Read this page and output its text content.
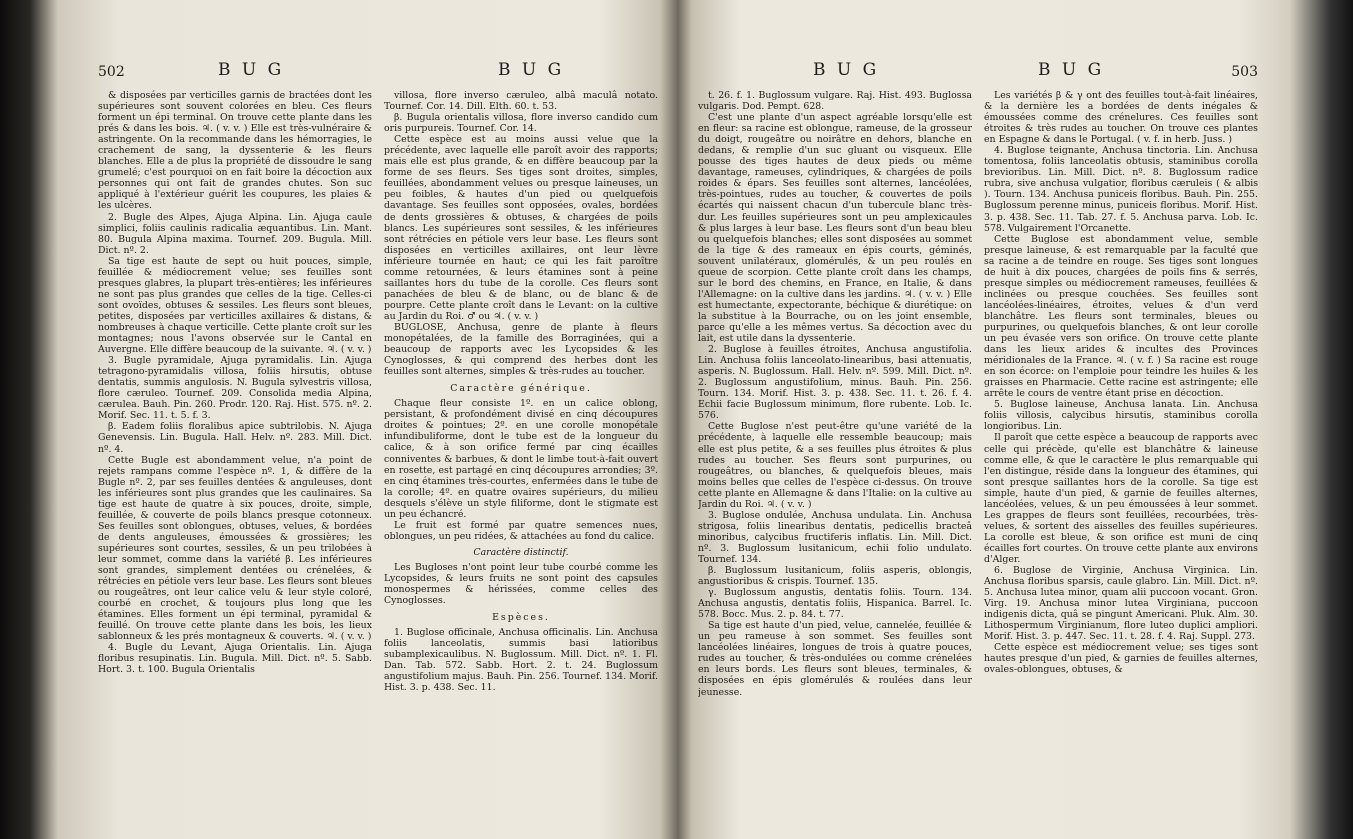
502	B U G	B U G

& disposées par verticilles garnis de bractées dont les supérieures sont souvent colorées en bleu. Ces fleurs forment un épi terminal. On trouve cette plante dans les prés & dans les bois. ♃. ( v. v. ) Elle est très-vulnéraire & astringente. On la recommande dans les hémorragies, le crachement de sang, la dyssenterie & les fleurs blanches. Elle a de plus la propriété de dissoudre le sang grumelé; c'est pourquoi on en fait boire la décoction aux personnes qui ont fait de grandes chutes. Son suc appliqué à l'extérieur guérit les coupures, les plaies & les ulcères.

2. Bugle des Alpes, Ajuga Alpina. Lin. Ajuga caule simplici, foliis caulinis radicalia æquantibus. Lin. Mant. 80. Bugula Alpina maxima. Tournef. 209. Bugula. Mill. Dict. nº. 2.

Sa tige est haute de sept ou huit pouces, simple, feuillée & médiocrement velue; ses feuilles sont presques glabres, la plupart très-entières; les inférieures ne sont pas plus grandes que celles de la tige. Celles-ci sont ovoïdes, obtuses & sessiles. Les fleurs sont bleues, petites, disposées par verticilles axillaires & distans, & nombreuses à chaque verticille. Cette plante croît sur les montagnes; nous l'avons observée sur le Cantal en Auvergne. Elle diffère beaucoup de la suivante. ♃. ( v. v. )

3. Bugle pyramidale, Ajuga pyramidalis. Lin. Ajuga tetragono-pyramidalis villosa, foliis hirsutis, obtuse dentatis, summis angulosis. N. Bugula sylvestris villosa, flore cæruleo. Tournef. 209. Consolida media Alpina, cærulea. Bauh. Pin. 260. Prodr. 120. Raj. Hist. 575. nº. 2. Morif. Sec. 11. t. 5. f. 3.

β. Eadem foliis floralibus apice subtrilobis. N. Ajuga Genevensis. Lin. Bugula. Hall. Helv. nº. 283. Mill. Dict. nº. 4.

Cette Bugle est abondamment velue, n'a point de rejets rampans comme l'espèce nº. 1, & diffère de la Bugle nº. 2, par ses feuilles dentées & anguleuses, dont les inférieures sont plus grandes que les caulinaires. Sa tige est haute de quatre à six pouces, droite, simple, feuillée, & couverte de poils blancs presque cotonneux. Ses feuilles sont oblongues, obtuses, velues, & bordées de dents anguleuses, émoussées & grossières; les supérieures sont courtes, sessiles, & un peu trilobées à leur sommet, comme dans la variété β. Les inférieures sont grandes, simplement dentées ou crénelées, & rétrécies en pétiole vers leur base. Les fleurs sont bleues ou rougeâtres, ont leur calice velu & leur style coloré, courbé en crochet, & toujours plus long que les étamines. Elles forment un épi terminal, pyramidal & feuillé. On trouve cette plante dans les bois, les lieux sablonneux & les prés montagneux & couverts. ♃. ( v. v. )

4. Bugle du Levant, Ajuga Orientalis. Lin. Ajuga floribus resupinatis. Lin. Bugula. Mill. Dict. nº. 5. Sabb. Hort. 3. t. 100. Bugula Orientalis

villosa, flore inverso cæruleo, albâ maculâ notato. Tournef. Cor. 14. Dill. Elth. 60. t. 53.

β. Bugula orientalis villosa, flore inverso candido cum oris purpureis. Tournef. Cor. 14.

Cette espèce est au moins aussi velue que la précédente, avec laquelle elle paroît avoir des rapports; mais elle est plus grande, & en diffère beaucoup par la forme de ses fleurs. Ses tiges sont droites, simples, feuillées, abondamment velues ou presque laineuses, un peu foibles, & hautes d'un pied ou quelquefois davantage. Ses feuilles sont opposées, ovales, bordées de dents grossières & obtuses, & chargées de poils blancs. Les supérieures sont sessiles, & les inférieures sont rétrécies en pétiole vers leur base. Les fleurs sont disposées en verticilles axillaires, ont leur lèvre inférieure tournée en haut; ce qui les fait paroître comme retournées, & leurs étamines sont à peine saillantes hors du tube de la corolle. Ces fleurs sont panachées de bleu & de blanc, ou de blanc & de pourpre. Cette plante croît dans le Levant: on la cultive au Jardin du Roi. ♂ ou ♃. ( v. v. )

BUGLOSE, Anchusa, genre de plante à fleurs monopétalées, de la famille des Borraginées, qui a beaucoup de rapports avec les Lycopsides & les Cynoglosses, & qui comprend des herbes dont les feuilles sont alternes, simples & très-rudes au toucher.

Caractère générique.

Chaque fleur consiste 1º. en un calice oblong, persistant, & profondément divisé en cinq découpures droites & pointues; 2º. en une corolle monopétale infundibuliforme, dont le tube est de la longueur du calice, & à son orifice fermé par cinq écailles conniventes & barbues, & dont le limbe tout-à-fait ouvert en rosette, est partagé en cinq découpures arrondies; 3º. en cinq étamines très-courtes, enfermées dans le tube de la corolle; 4º. en quatre ovaires supérieurs, du milieu desquels s'élève un style filiforme, dont le stigmate est un peu échancré.

Le fruit est formé par quatre semences nues, oblongues, un peu ridées, & attachées au fond du calice.

Caractère distinctif.

Les Bugloses n'ont point leur tube courbé comme les Lycopsides, & leurs fruits ne sont point des capsules monospermes & hérissées, comme celles des Cynoglosses.

Espèces.

1. Buglose officinale, Anchusa officinalis. Lin. Anchusa foliis lanceolatis, summis basi latioribus subamplexicaulibus. N. Buglossum. Mill. Dict. nº. 1. Fl. Dan. Tab. 572. Sabb. Hort. 2. t. 24. Buglossum angustifolium majus. Bauh. Pin. 256. Tournef. 134. Morif. Hist. 3. p. 438. Sec. 11.

B U G	B U G	503

t. 26. f. 1. Buglossum vulgare. Raj. Hist. 493. Buglossa vulgaris. Dod. Pempt. 628.

C'est une plante d'un aspect agréable lorsqu'elle est en fleur: sa racine est oblongue, rameuse, de la grosseur du doigt, rougeâtre ou noirâtre en dehors, blanche en dedans, & remplie d'un suc gluant ou visqueux. Elle pousse des tiges hautes de deux pieds ou même davantage, rameuses, cylindriques, & chargées de poils roides & épars. Ses feuilles sont alternes, lancéolées, très-pointues, rudes au toucher, & couvertes de poils écartés qui naissent chacun d'un tubercule blanc très-dur. Les feuilles supérieures sont un peu amplexicaules & plus larges à leur base. Les fleurs sont d'un beau bleu ou quelquefois blanches; elles sont disposées au sommet de la tige & des rameaux en épis courts, géminés, souvent unilatéraux, glomérulés, & un peu roulés en queue de scorpion. Cette plante croît dans les champs, sur le bord des chemins, en France, en Italie, & dans l'Allemagne: on la cultive dans les jardins. ♃. ( v. v. ) Elle est humectante, expectorante, béchique & diurétique: on la substitue à la Bourrache, ou on les joint ensemble, parce qu'elle a les mêmes vertus. Sa décoction avec du lait, est utile dans la dyssenterie.

2. Buglose à feuilles étroites, Anchusa angustifolia. Lin. Anchusa foliis lanceolato-linearibus, basi attenuatis, asperis. N. Buglossum. Hall. Helv. nº. 599. Mill. Dict. nº. 2. Buglossum angustifolium, minus. Bauh. Pin. 256. Tourn. 134. Morif. Hist. 3. p. 438. Sec. 11. t. 26. f. 4. Echii facie Buglossum minimum, flore rubente. Lob. Ic. 576.

Cette Buglose n'est peut-être qu'une variété de la précédente, à laquelle elle ressemble beaucoup; mais elle est plus petite, & a ses feuilles plus étroites & plus rudes au toucher. Ses fleurs sont purpurines, ou rougeâtres, ou blanches, & quelquefois bleues, mais moins belles que celles de l'espèce ci-dessus. On trouve cette plante en Allemagne & dans l'Italie: on la cultive au Jardin du Roi. ♃. ( v. v. )

3. Buglose ondulée, Anchusa undulata. Lin. Anchusa strigosa, foliis linearibus dentatis, pedicellis bracteâ minoribus, calycibus fructiferis inflatis. Lin. Mill. Dict. nº. 3. Buglossum lusitanicum, echii folio undulato. Tournef. 134.

β. Buglossum lusitanicum, foliis asperis, oblongis, angustioribus & crispis. Tournef. 135.

γ. Buglossum angustis, dentatis foliis. Tourn. 134. Anchusa angustis, dentatis foliis, Hispanica. Barrel. Ic. 578. Bocc. Mus. 2. p. 84. t. 77.

Sa tige est haute d'un pied, velue, cannelée, feuillée & un peu rameuse à son sommet. Ses feuilles sont lancéolées linéaires, longues de trois à quatre pouces, rudes au toucher, & très-ondulées ou comme crénelées en leurs bords. Les fleurs sont bleues, terminales, & disposées en épis glomérulés & roulées dans leur jeunesse.

Les variétés β & γ ont des feuilles tout-à-fait linéaires, & la dernière les a bordées de dents inégales & émoussées comme des crénelures. Ces feuilles sont étroites & très rudes au toucher. On trouve ces plantes en Espagne & dans le Portugal. ( v. f. in herb. Juss. )

4. Buglose teignante, Anchusa tinctoria. Lin. Anchusa tomentosa, foliis lanceolatis obtusis, staminibus corolla brevioribus. Lin. Mill. Dict. nº. 8. Buglossum radice rubra, sive anchusa vulgatior, floribus cæruleis ( & albis ). Tourn. 134. Anchusa puniceis floribus. Bauh. Pin. 255. Buglossum perenne minus, puniceis floribus. Morif. Hist. 3. p. 438. Sec. 11. Tab. 27. f. 5. Anchusa parva. Lob. Ic. 578. Vulgairement l'Orcanette.

Cette Buglose est abondamment velue, semble presque laineuse, & est remarquable par la faculté que sa racine a de teindre en rouge. Ses tiges sont longues de huit à dix pouces, chargées de poils fins & serrés, presque simples ou médiocrement rameuses, feuillées & inclinées ou presque couchées. Ses feuilles sont lancéolées-linéaires, étroites, velues & d'un verd blanchâtre. Les fleurs sont terminales, bleues ou purpurines, ou quelquefois blanches, & ont leur corolle un peu évasée vers son orifice. On trouve cette plante dans les lieux arides & incultes des Provinces méridionales de la France. ♃. ( v. f. ) Sa racine est rouge en son écorce: on l'emploie pour teindre les huiles & les graisses en Pharmacie. Cette racine est astringente; elle arrête le cours de ventre étant prise en décoction.

5. Buglose laineuse, Anchusa lanata. Lin. Anchusa foliis villosis, calycibus hirsutis, staminibus corolla longioribus. Lin.

Il paroît que cette espèce a beaucoup de rapports avec celle qui précède, qu'elle est blanchâtre & laineuse comme elle, & que le caractère le plus remarquable qui l'en distingue, réside dans la longueur des étamines, qui sont presque saillantes hors de la corolle. Sa tige est simple, haute d'un pied, & garnie de feuilles alternes, lancéolées, velues, & un peu émoussées à leur sommet. Les grappes de fleurs sont feuillées, recourbées, très-velues, & sortent des aisselles des feuilles supérieures. La corolle est bleue, & son orifice est muni de cinq écailles fort courtes. On trouve cette plante aux environs d'Alger.

6. Buglose de Virginie, Anchusa Virginica. Lin. Anchusa floribus sparsis, caule glabro. Lin. Mill. Dict. nº. 5. Anchusa lutea minor, quam alii puccoon vocant. Gron. Virg. 19. Anchusa minor lutea Virginiana, puccoon indigenis dicta, quâ se pingunt Americani. Pluk. Alm. 30. Lithospermum Virginianum, flore luteo duplici ampliori. Morif. Hist. 3. p. 447. Sec. 11. t. 28. f. 4. Raj. Suppl. 273.

Cette espèce est médiocrement velue; ses tiges sont hautes presque d'un pied, & garnies de feuilles alternes, ovales-oblongues, obtuses, &
